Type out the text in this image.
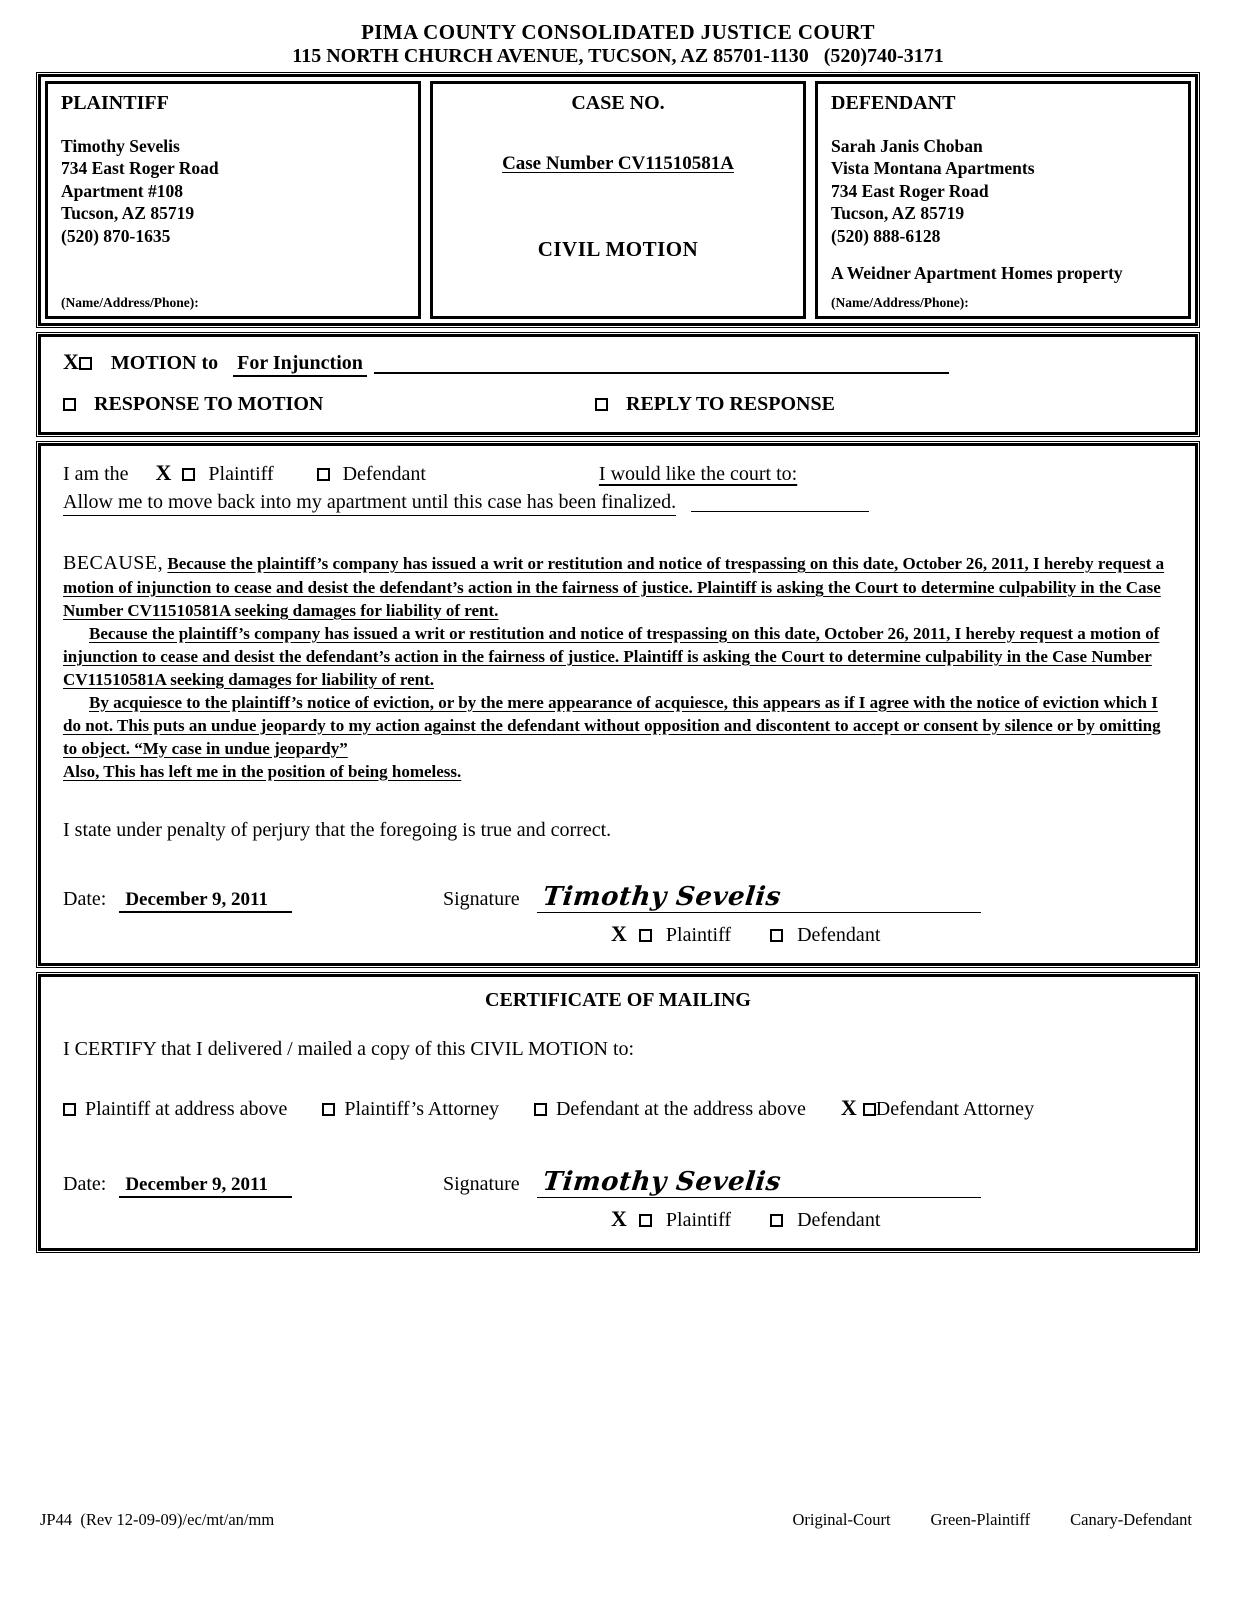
PIMA COUNTY CONSOLIDATED JUSTICE COURT
115 NORTH CHURCH AVENUE, TUCSON, AZ 85701-1130   (520)740-3171
PLAINTIFF
Timothy Sevelis
734 East Roger Road
Apartment #108
Tucson, AZ 85719
(520) 870-1635
(Name/Address/Phone):
CASE NO.
Case Number CV11510581A
CIVIL MOTION
DEFENDANT
Sarah Janis Choban
Vista Montana Apartments
734 East Roger Road
Tucson, AZ 85719
(520) 888-6128
A Weidner Apartment Homes property
(Name/Address/Phone):
X MOTION to For Injunction
RESPONSE TO MOTION	REPLY TO RESPONSE
I am the X Plaintiff	Defendant	I would like the court to:
Allow me to move back into my apartment until this case has been finalized.

BECAUSE, Because the plaintiff’s company has issued a writ or restitution and notice of trespassing on this date, October 26, 2011, I hereby request a motion of injunction to cease and desist the defendant’s action in the fairness of justice. Plaintiff is asking the Court to determine culpability in the Case Number CV11510581A seeking damages for liability of rent.

Because the plaintiff’s company has issued a writ or restitution and notice of trespassing on this date, October 26, 2011, I hereby request a motion of injunction to cease and desist the defendant’s action in the fairness of justice. Plaintiff is asking the Court to determine culpability in the Case Number CV11510581A seeking damages for liability of rent.

By acquiesce to the plaintiff’s notice of eviction, or by the mere appearance of acquiesce, this appears as if I agree with the notice of eviction which I do not. This puts an undue jeopardy to my action against the defendant without opposition and discontent to accept or consent by silence or by omitting to object. “My case in undue jeopardy”

Also, This has left me in the position of being homeless.

I state under penalty of perjury that the foregoing is true and correct.

Date: December 9, 2011	Signature Timothy Sevelis
X Plaintiff	Defendant
CERTIFICATE OF MAILING
I CERTIFY that I delivered / mailed a copy of this CIVIL MOTION to:
Plaintiff at address above	Plaintiff’s Attorney	Defendant at the address above X Defendant Attorney
Date: December 9, 2011	Signature Timothy Sevelis
X Plaintiff	Defendant
JP44  (Rev 12-09-09)/ec/mt/an/mm	Original-Court Green-Plaintiff Canary-Defendant
